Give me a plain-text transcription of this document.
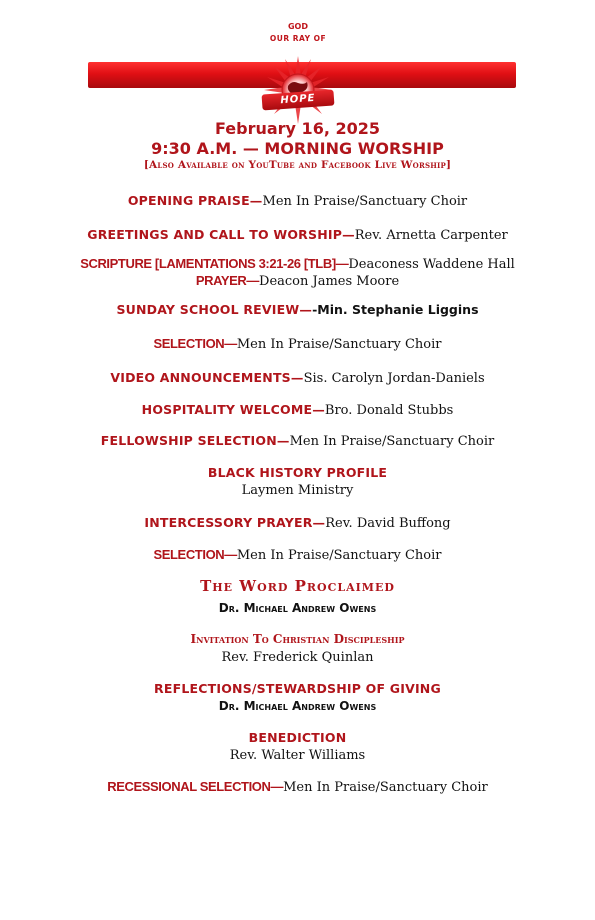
GOD
OUR RAY OF
HOPE
February 16, 2025
9:30 A.M. — MORNING WORSHIP
[Also Available on YouTube and Facebook Live Worship]
OPENING PRAISE—Men In Praise/Sanctuary Choir
GREETINGS AND CALL TO WORSHIP—Rev. Arnetta Carpenter
SCRIPTURE [LAMENTATIONS 3:21-26 [TLB]—Deaconess Waddene Hall
PRAYER—Deacon James Moore
SUNDAY SCHOOL REVIEW—-Min. Stephanie Liggins
SELECTION—Men In Praise/Sanctuary Choir
VIDEO ANNOUNCEMENTS—Sis. Carolyn Jordan-Daniels
HOSPITALITY WELCOME—Bro. Donald Stubbs
FELLOWSHIP SELECTION—Men In Praise/Sanctuary Choir
BLACK HISTORY PROFILE
Laymen Ministry
INTERCESSORY PRAYER—Rev. David Buffong
SELECTION—Men In Praise/Sanctuary Choir
The Word Proclaimed
Dr. Michael Andrew Owens
Invitation To Christian Discipleship
Rev. Frederick Quinlan
REFLECTIONS/STEWARDSHIP OF GIVING
Dr. Michael Andrew Owens
BENEDICTION
Rev. Walter Williams
RECESSIONAL SELECTION—Men In Praise/Sanctuary Choir
